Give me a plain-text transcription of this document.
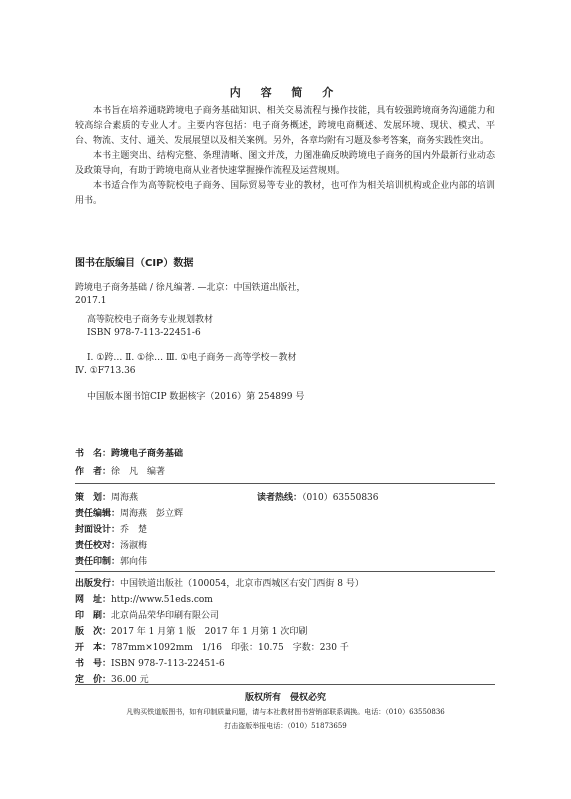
内 容 简 介

本书旨在培养通晓跨境电子商务基础知识、相关交易流程与操作技能，具有较强跨境商务沟通能力和较高综合素质的专业人才。主要内容包括：电子商务概述，跨境电商概述、发展环境、现状、模式、平台、物流、支付、通关、发展展望以及相关案例。另外，各章均附有习题及参考答案，商务实践性突出。

本书主题突出、结构完整、条理清晰、图文并茂，力图准确反映跨境电子商务的国内外最新行业动态及政策导向，有助于跨境电商从业者快速掌握操作流程及运营规则。

本书适合作为高等院校电子商务、国际贸易等专业的教材，也可作为相关培训机构或企业内部的培训用书。

图书在版编目（CIP）数据
跨境电子商务基础 / 徐凡编著. —北京：中国铁道出版社，
2017.1
高等院校电子商务专业规划教材
ISBN 978-7-113-22451-6
Ⅰ. ①跨… Ⅱ. ①徐… Ⅲ. ①电子商务－高等学校－教材
Ⅳ. ①F713.36
中国版本图书馆CIP 数据核字（2016）第 254899 号
书　名：跨境电子商务基础
作　者：徐　凡　编著
策　划：周海燕	读者热线：（010）63550836
责任编辑：周海燕　彭立辉
封面设计：乔　楚
责任校对：汤淑梅
责任印制：郭向伟
出版发行：中国铁道出版社（100054，北京市西城区右安门西街 8 号）
网　址：http://www.51eds.com
印　刷：北京尚品荣华印刷有限公司
版　次：2017 年 1 月第 1 版　2017 年 1 月第 1 次印刷
开　本：787mm×1092mm　1/16　印张：10.75　字数：230 千
书　号：ISBN 978-7-113-22451-6
定　价：36.00 元
版权所有　侵权必究
凡购买铁道版图书，如有印制质量问题，请与本社教材图书营销部联系调换。电话：（010）63550836
打击盗版举报电话：（010）51873659
